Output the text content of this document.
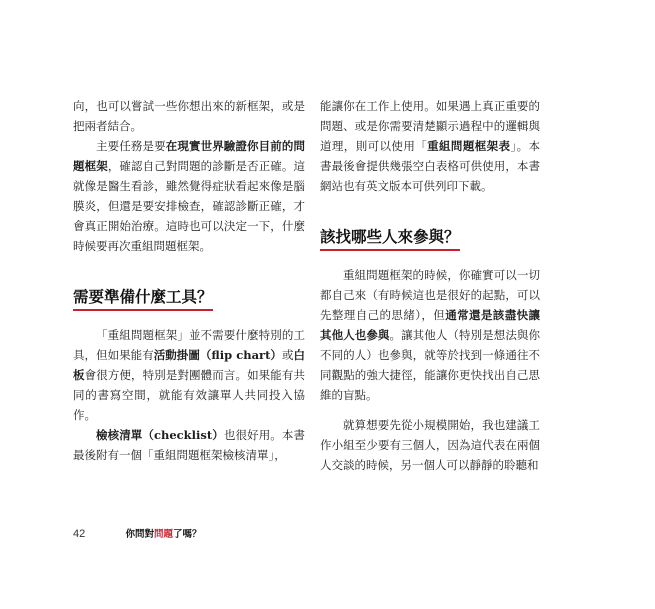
向，也可以嘗試一些你想出來的新框架，或是把兩者結合。

主要任務是要在現實世界驗證你目前的問題框架，確認自己對問題的診斷是否正確。這就像是醫生看診，雖然覺得症狀看起來像是腦膜炎，但還是要安排檢查，確認診斷正確，才會真正開始治療。這時也可以決定一下，什麼時候要再次重組問題框架。

需要準備什麼工具？

「重組問題框架」並不需要什麼特別的工具，但如果能有活動掛圖（flip chart）或白板會很方便，特別是對團體而言。如果能有共同的書寫空間，就能有效讓單人共同投入協作。

檢核清單（checklist）也很好用。本書最後附有一個「重組問題框架檢核清單」，

能讓你在工作上使用。如果遇上真正重要的問題、或是你需要清楚顯示過程中的邏輯與道理，則可以使用「重組問題框架表」。本書最後會提供幾張空白表格可供使用，本書網站也有英文版本可供列印下載。

該找哪些人來參與？

重組問題框架的時候，你確實可以一切都自己來（有時候這也是很好的起點，可以先整理自己的思緒），但通常還是該盡快讓其他人也參與。讓其他人（特別是想法與你不同的人）也參與，就等於找到一條通往不同觀點的強大捷徑，能讓你更快找出自己思維的盲點。

就算想要先從小規模開始，我也建議工作小組至少要有三個人，因為這代表在兩個人交談的時候，另一個人可以靜靜的聆聽和

42	你問對問題了嗎？
